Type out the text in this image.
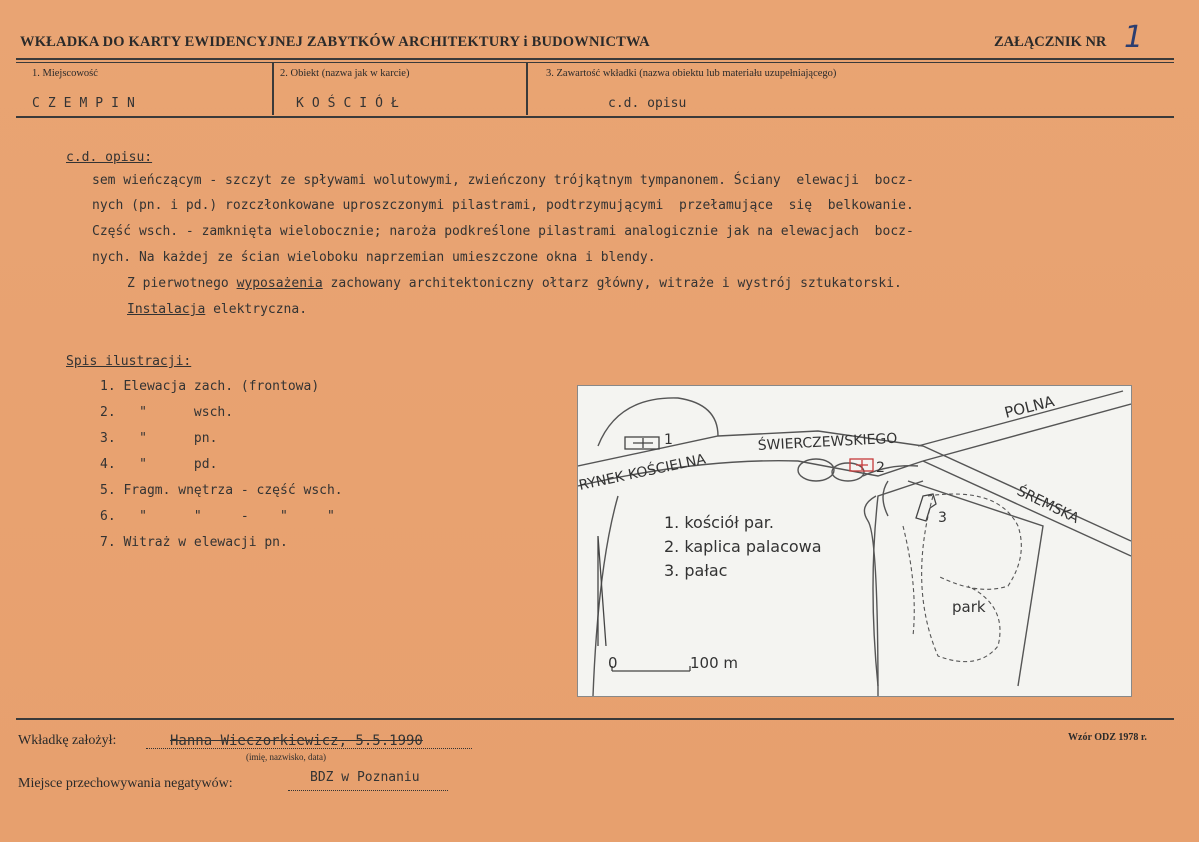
WKŁADKA DO KARTY EWIDENCYJNEJ ZABYTKÓW ARCHITEKTURY i BUDOWNICTWA	ZAŁĄCZNIK NR 1
1. Miejscowość	2. Obiekt (nazwa jak w karcie)	3. Zawartość wkładki (nazwa obiektu lub materiału uzupełniającego)
CZEMPIN	KOŚCIÓŁ	c.d. opisu
c.d. opisu:
sem wieńczącym - szczyt ze spływami wolutowymi, zwieńczony trójkątnym tympanonem. Ściany  elewacji  bocz-
nych (pn. i pd.) rozczłonkowane uproszczonymi pilastrami, podtrzymującymi  przełamujące  się  belkowanie.
Część wsch. - zamknięta wielobocznie; naroża podkreślone pilastrami analogicznie jak na elewacjach  bocz-
nych. Na każdej ze ścian wieloboku naprzemian umieszczone okna i blendy.
Z pierwotnego wyposażenia zachowany architektoniczny ołtarz główny, witraże i wystrój sztukatorski.
Instalacja elektryczna.
Spis ilustracji:
1. Elewacja zach. (frontowa)
2.   "      wsch.
3.   "      pn.
4.   "      pd.
5. Fragm. wnętrza - część wsch.
6.   "      "     -    "     "
7. Witraż w elewacji pn.
POLNA
RYNEK KOŚCIELNA
ŚWIERCZEWSKIEGO
ŚREMSKA
1
2
3
1. kościół par.
2. kaplica palacowa
3. pałac
park
0	100 m
Wkładkę założył:	Hanna Wieczorkiewicz, 5.5.1990
(imię, nazwisko, data)
Wzór ODZ 1978 r.
Miejsce przechowywania negatywów:	BDZ w Poznaniu
